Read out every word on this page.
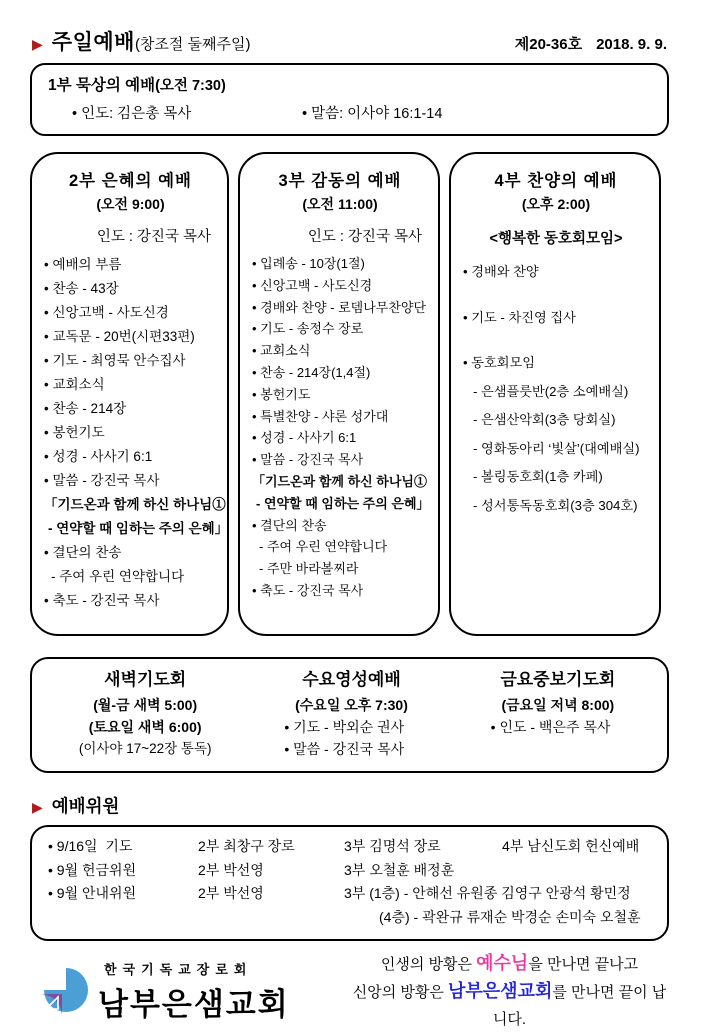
▶ 주일예배 (창조절 둘째주일)	제20-36호 2018. 9. 9.
1부 묵상의 예배(오전 7:30)
• 인도: 김은총 목사	• 말씀: 이사야 16:1-14
2부 은혜의 예배
(오전 9:00)
인도 : 강진국 목사
• 예배의 부름
• 찬송 - 43장
• 신앙고백 - 사도신경
• 교독문 - 20번(시편33편)
• 기도 - 최영묵 안수집사
• 교회소식
• 찬송 - 214장
• 봉헌기도
• 성경 - 사사기 6:1
• 말씀 - 강진국 목사
「기드온과 함께 하신 하나님①
- 연약할 때 임하는 주의 은혜」
• 결단의 찬송
- 주여 우린 연약합니다
• 축도 - 강진국 목사
3부 감동의 예배
(오전 11:00)
인도 : 강진국 목사
• 입례송 - 10장(1절)
• 신앙고백 - 사도신경
• 경배와 찬양 - 로뎀나무찬양단
• 기도 - 송정수 장로
• 교회소식
• 찬송 - 214장(1,4절)
• 봉헌기도
• 특별찬양 - 샤론 성가대
• 성경 - 사사기 6:1
• 말씀 - 강진국 목사
「기드온과 함께 하신 하나님①
- 연약할 때 임하는 주의 은혜」
• 결단의 찬송
- 주여 우린 연약합니다
- 주만 바라볼찌라
• 축도 - 강진국 목사
4부 찬양의 예배
(오후 2:00)
<행복한 동호회모임>
• 경배와 찬양
• 기도 - 차진영 집사
• 동호회모임
- 은샘플룻반(2층 소예배실)
- 은샘산악회(3층 당회실)
- 영화동아리 ‘빛살’(대예배실)
- 볼링동호회(1층 카페)
- 성서통독동호회(3층 304호)
새벽기도회
(월-금 새벽 5:00)
(토요일 새벽 6:00)
(이사야 17~22장 통독)
수요영성예배
(수요일 오후 7:30)
• 기도 - 박외순 권사
• 말씀 - 강진국 목사
금요중보기도회
(금요일 저녁 8:00)
• 인도 - 백은주 목사
▶ 예배위원
• 9/16일  기도	2부 최창구 장로	3부 김명석 장로	4부 남신도회 헌신예배
• 9월 헌금위원	2부 박선영	3부 오철훈 배정훈
• 9월 안내위원	2부 박선영	3부 (1층) - 안해선 유원종 김영구 안광석 황민정
(4층) - 곽완규 류재순 박경순 손미숙 오철훈
한국기독교장로회
남부은샘교회
인생의 방황은 예수님을 만나면 끝나고
신앙의 방황은 남부은샘교회를 만나면 끝이 납니다.
